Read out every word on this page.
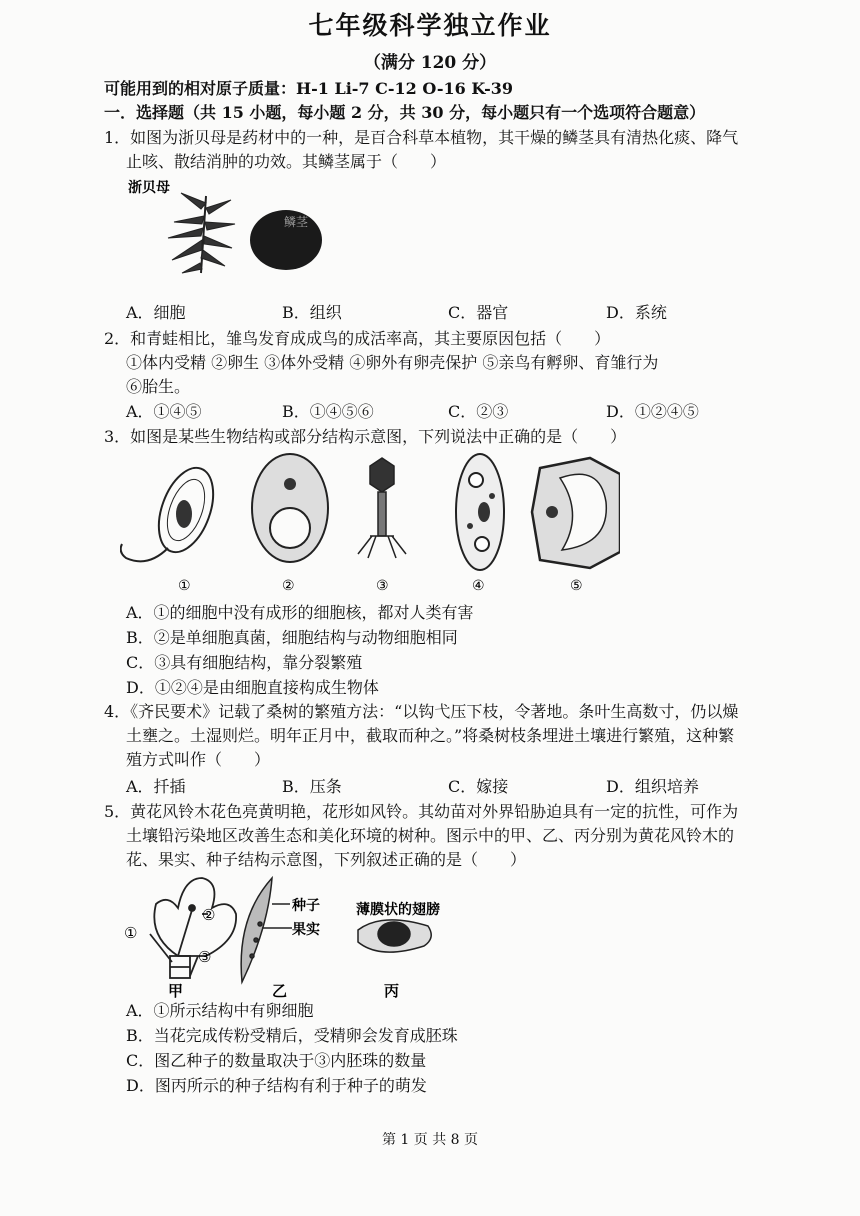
七年级科学独立作业
（满分 120 分）
可能用到的相对原子质量：H-1 Li-7 C-12 O-16 K-39
一．选择题（共 15 小题，每小题 2 分，共 30 分，每小题只有一个选项符合题意）
1．如图为浙贝母是药材中的一种，是百合科草本植物，其干燥的鳞茎具有清热化痰、降气
止咳、散结消肿的功效。其鳞茎属于（　　）
浙贝母
鳞茎
A．细胞	B．组织	C．器官	D．系统
2．和青蛙相比，雏鸟发育成成鸟的成活率高，其主要原因包括（　　）
①体内受精 ②卵生 ③体外受精 ④卵外有卵壳保护 ⑤亲鸟有孵卵、育雏行为
⑥胎生。
A．①④⑤	B．①④⑤⑥	C．②③	D．①②④⑤
3．如图是某些生物结构或部分结构示意图，下列说法中正确的是（　　）
①	②	③	④	⑤
A．①的细胞中没有成形的细胞核，都对人类有害
B．②是单细胞真菌，细胞结构与动物细胞相同
C．③具有细胞结构，靠分裂繁殖
D．①②④是由细胞直接构成生物体
4．《齐民要术》记载了桑树的繁殖方法：“以钩弋压下枝，令著地。条叶生高数寸，仍以燥
土壅之。土湿则烂。明年正月中，截取而种之。”将桑树枝条埋进土壤进行繁殖，这种繁
殖方式叫作（　　）
A．扦插	B．压条	C．嫁接	D．组织培养
5．黄花风铃木花色亮黄明艳，花形如风铃。其幼苗对外界铅胁迫具有一定的抗性，可作为
土壤铅污染地区改善生态和美化环境的树种。图示中的甲、乙、丙分别为黄花风铃木的
花、果实、种子结构示意图，下列叙述正确的是（　　）
①
②
③
种子
果实
薄膜状的翅膀
甲	乙	丙
A．①所示结构中有卵细胞
B．当花完成传粉受精后，受精卵会发育成胚珠
C．图乙种子的数量取决于③内胚珠的数量
D．图丙所示的种子结构有利于种子的萌发
第 1 页 共 8 页
